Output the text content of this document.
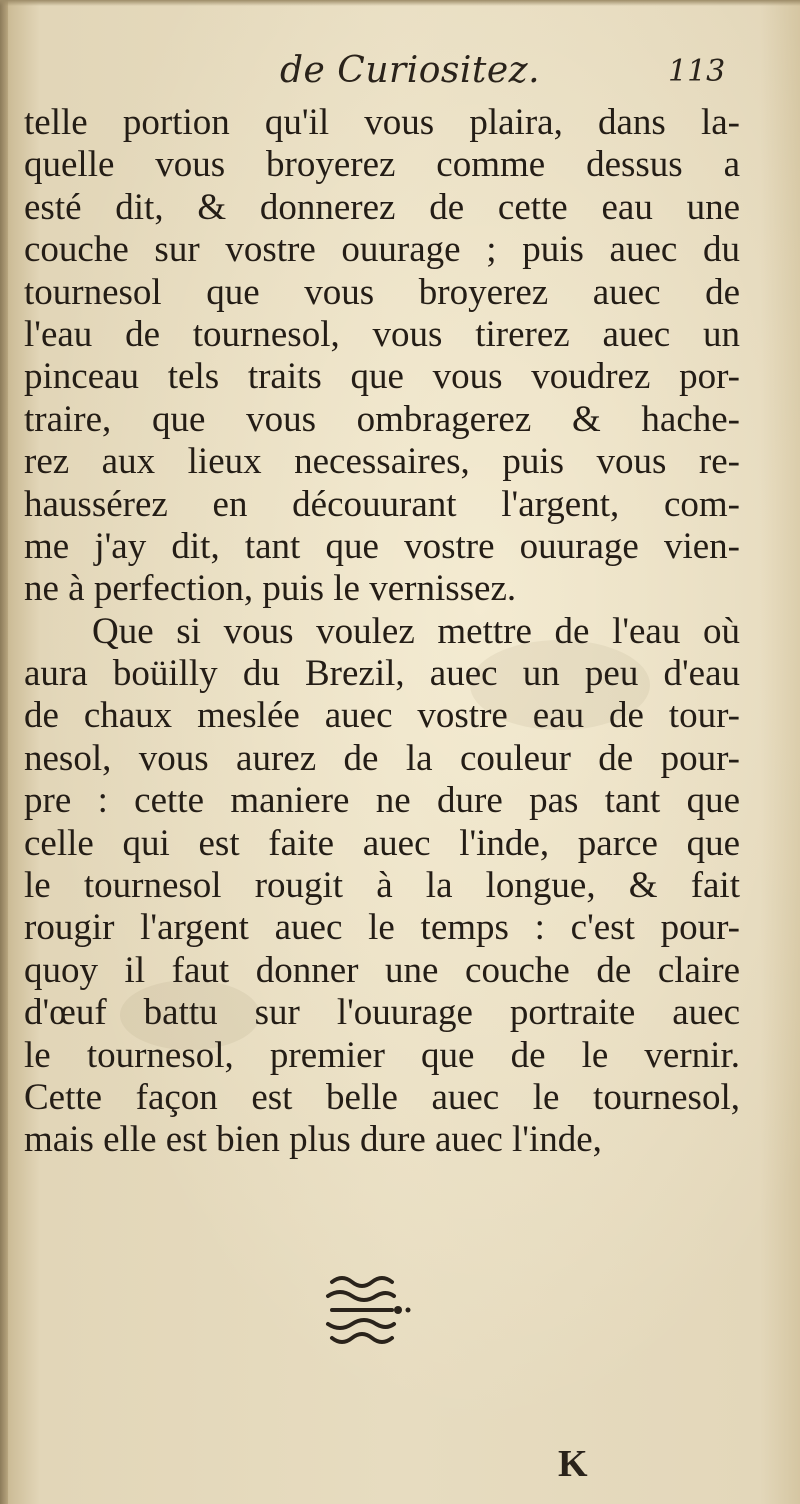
de Curiositez.	113
telle portion qu'il vous plaira, dans la-
quelle vous broyerez comme dessus a
esté dit, & donnerez de cette eau une
couche sur vostre ouurage ; puis auec du
tournesol que vous broyerez auec de
l'eau de tournesol, vous tirerez auec un
pinceau tels traits que vous voudrez por-
traire, que vous ombragerez & hache-
rez aux lieux necessaires, puis vous re-
haussérez en découurant l'argent, com-
me j'ay dit, tant que vostre ouurage vien-
ne à perfection, puis le vernissez.
Que si vous voulez mettre de l'eau où
aura boüilly du Brezil, auec un peu d'eau
de chaux meslée auec vostre eau de tour-
nesol, vous aurez de la couleur de pour-
pre : cette maniere ne dure pas tant que
celle qui est faite auec l'inde, parce que
le tournesol rougit à la longue, & fait
rougir l'argent auec le temps : c'est pour-
quoy il faut donner une couche de claire
d'œuf battu sur l'ouurage portraite auec
le tournesol, premier que de le vernir.
Cette façon est belle auec le tournesol,
mais elle est bien plus dure auec l'inde,
K
